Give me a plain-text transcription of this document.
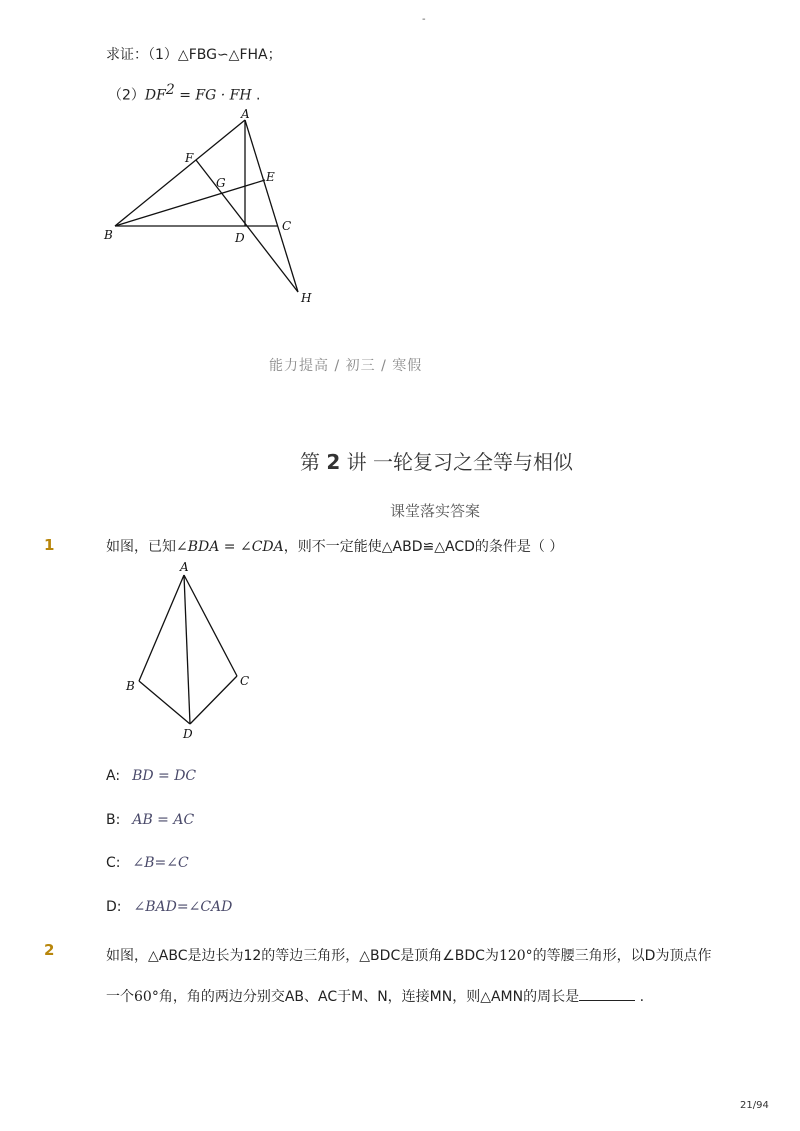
-
求证：（1）△FBG∽△FHA；
$(2)DF^2$ = FG · FH .
A
F
G	E
B	D
C
H
能力提高 / 初三 / 寒假
第 2 讲 一轮复习之全等与相似
课堂落实答案
1	如图，已知∠BDA = ∠CDA，则不一定能使△ABD≌△ACD的条件是（ ）
A
B	C
D
A: BD = DC
B: AB = AC
C: ∠B=∠C
D: ∠BAD=∠CAD
2	如图，△ABC是边长为12的等边三角形，△BDC是顶角∠BDC为120°的等腰三角形，以D为顶点作
一个60°角，角的两边分别交AB、AC于M、N，连接MN，则△AMN的周长是	.
21/94
